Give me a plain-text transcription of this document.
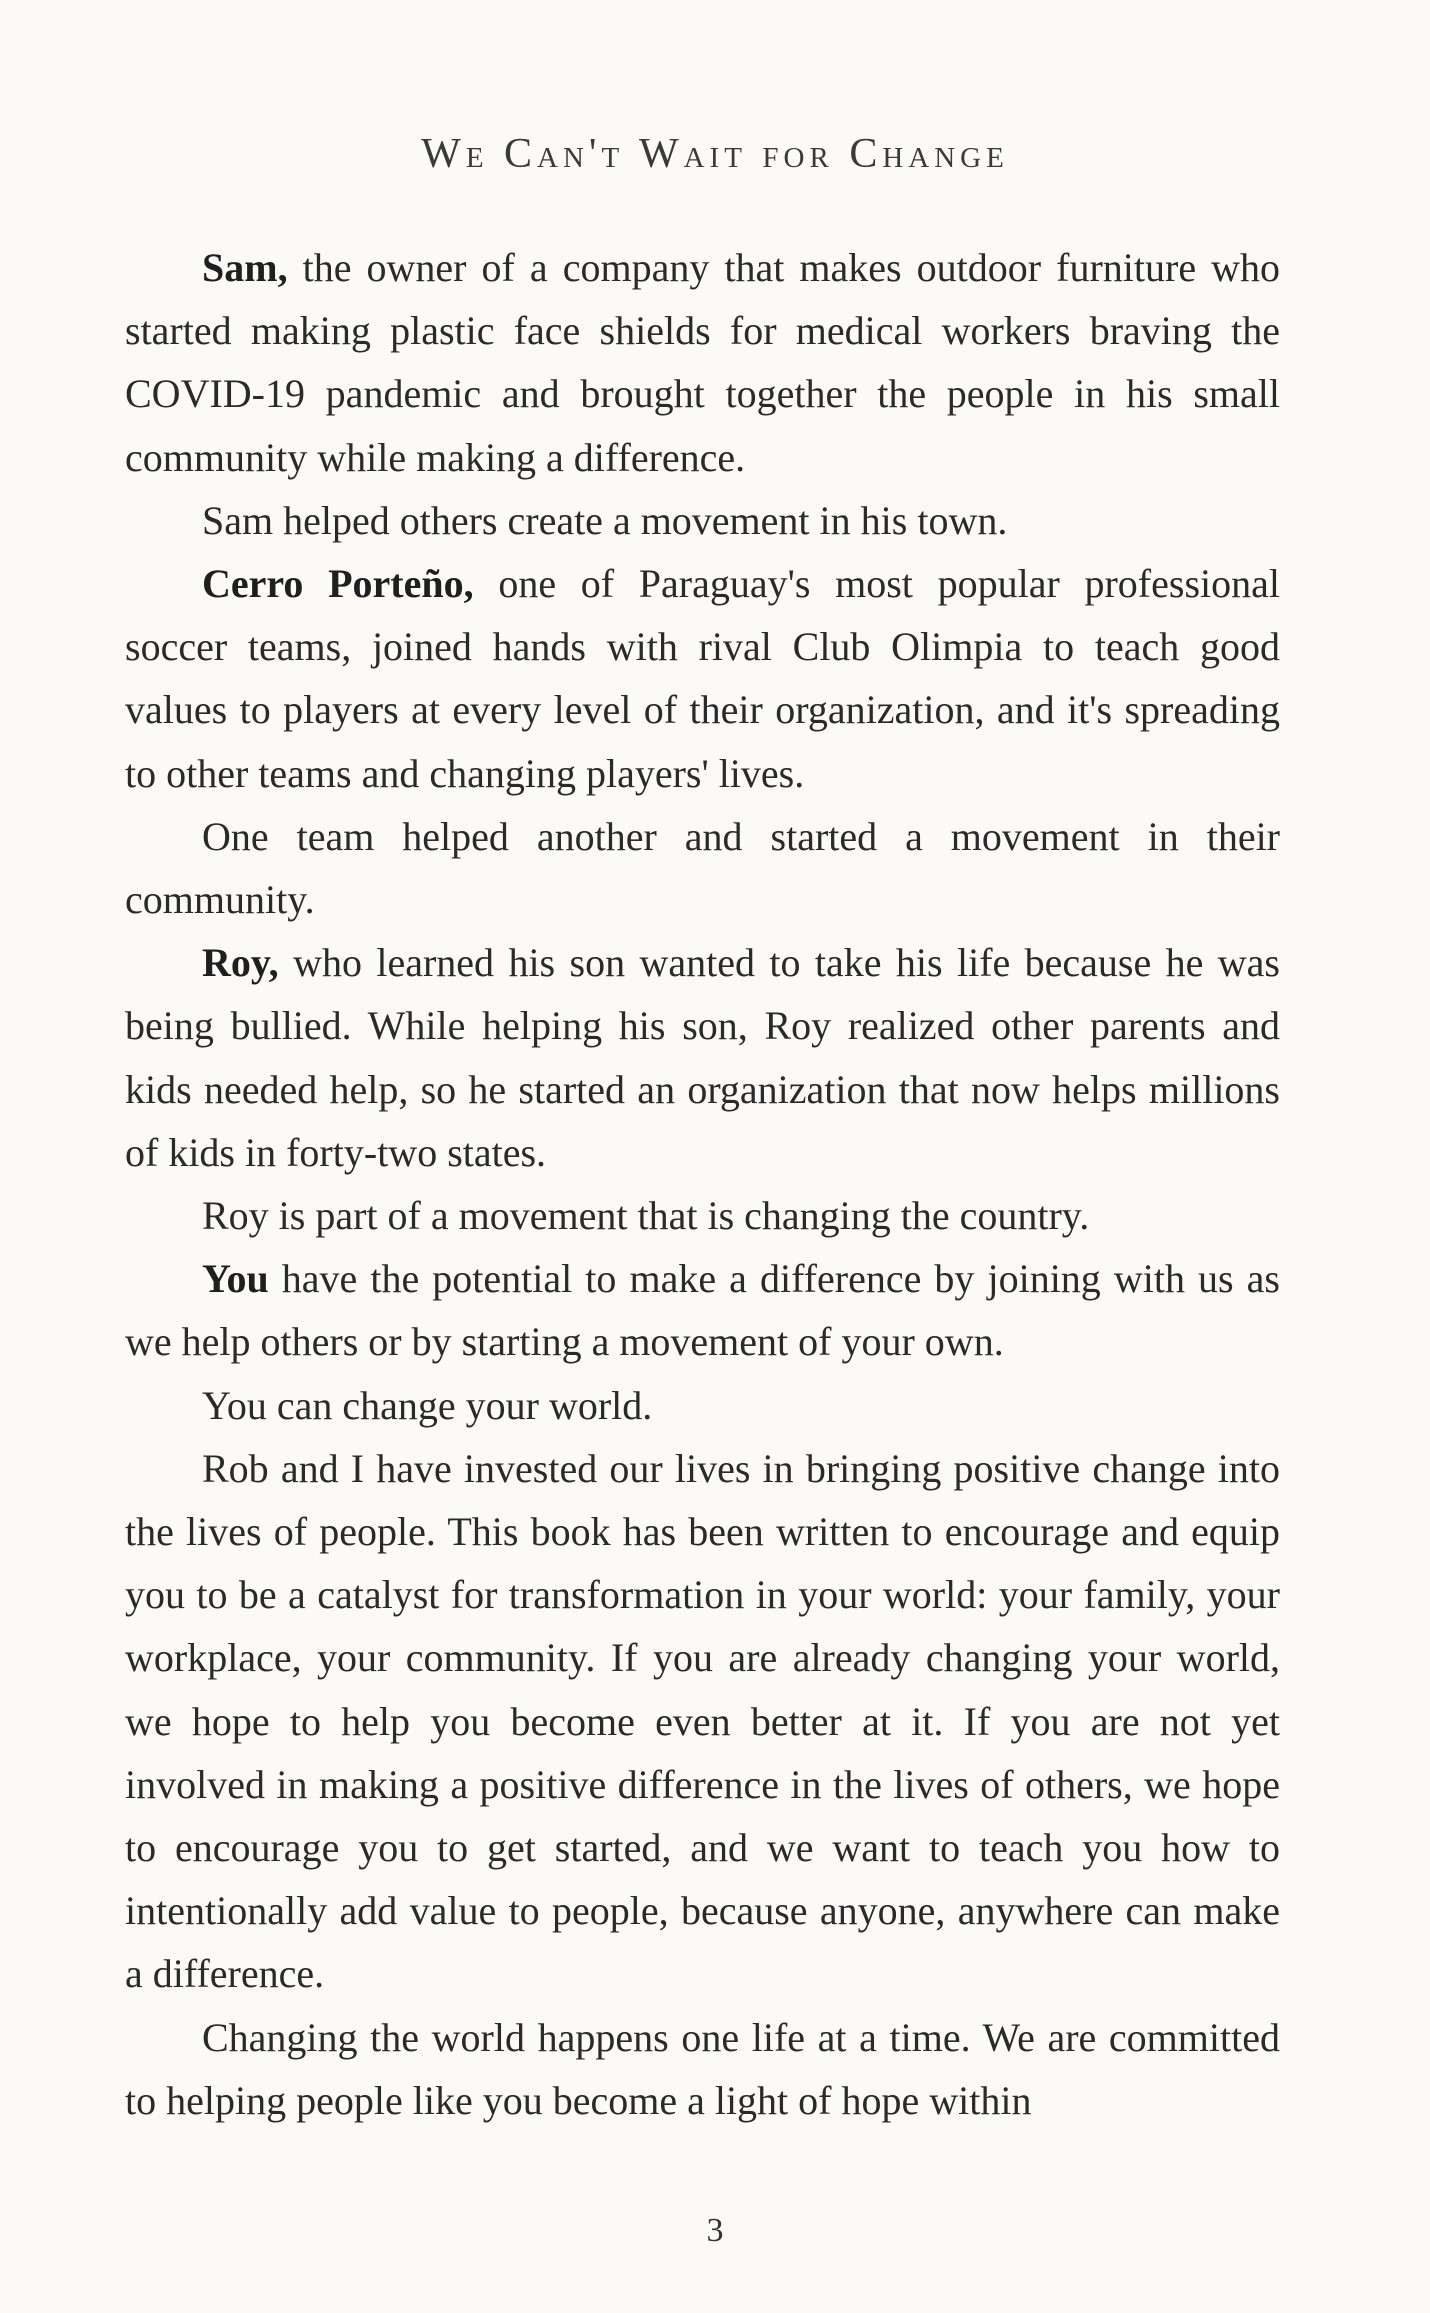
We Can't Wait for Change

Sam, the owner of a company that makes outdoor furniture who started making plastic face shields for medical workers braving the COVID-19 pandemic and brought together the people in his small community while making a difference.

Sam helped others create a movement in his town.

Cerro Porteño, one of Paraguay's most popular professional soccer teams, joined hands with rival Club Olimpia to teach good values to players at every level of their organization, and it's spreading to other teams and changing players' lives.

One team helped another and started a movement in their community.

Roy, who learned his son wanted to take his life because he was being bullied. While helping his son, Roy realized other parents and kids needed help, so he started an organization that now helps millions of kids in forty-two states.

Roy is part of a movement that is changing the country.

You have the potential to make a difference by joining with us as we help others or by starting a movement of your own.

You can change your world.

Rob and I have invested our lives in bringing positive change into the lives of people. This book has been written to encourage and equip you to be a catalyst for transformation in your world: your family, your workplace, your community. If you are already changing your world, we hope to help you become even better at it. If you are not yet involved in making a positive difference in the lives of others, we hope to encourage you to get started, and we want to teach you how to intentionally add value to people, because anyone, anywhere can make a difference.

Changing the world happens one life at a time. We are committed to helping people like you become a light of hope within

3
